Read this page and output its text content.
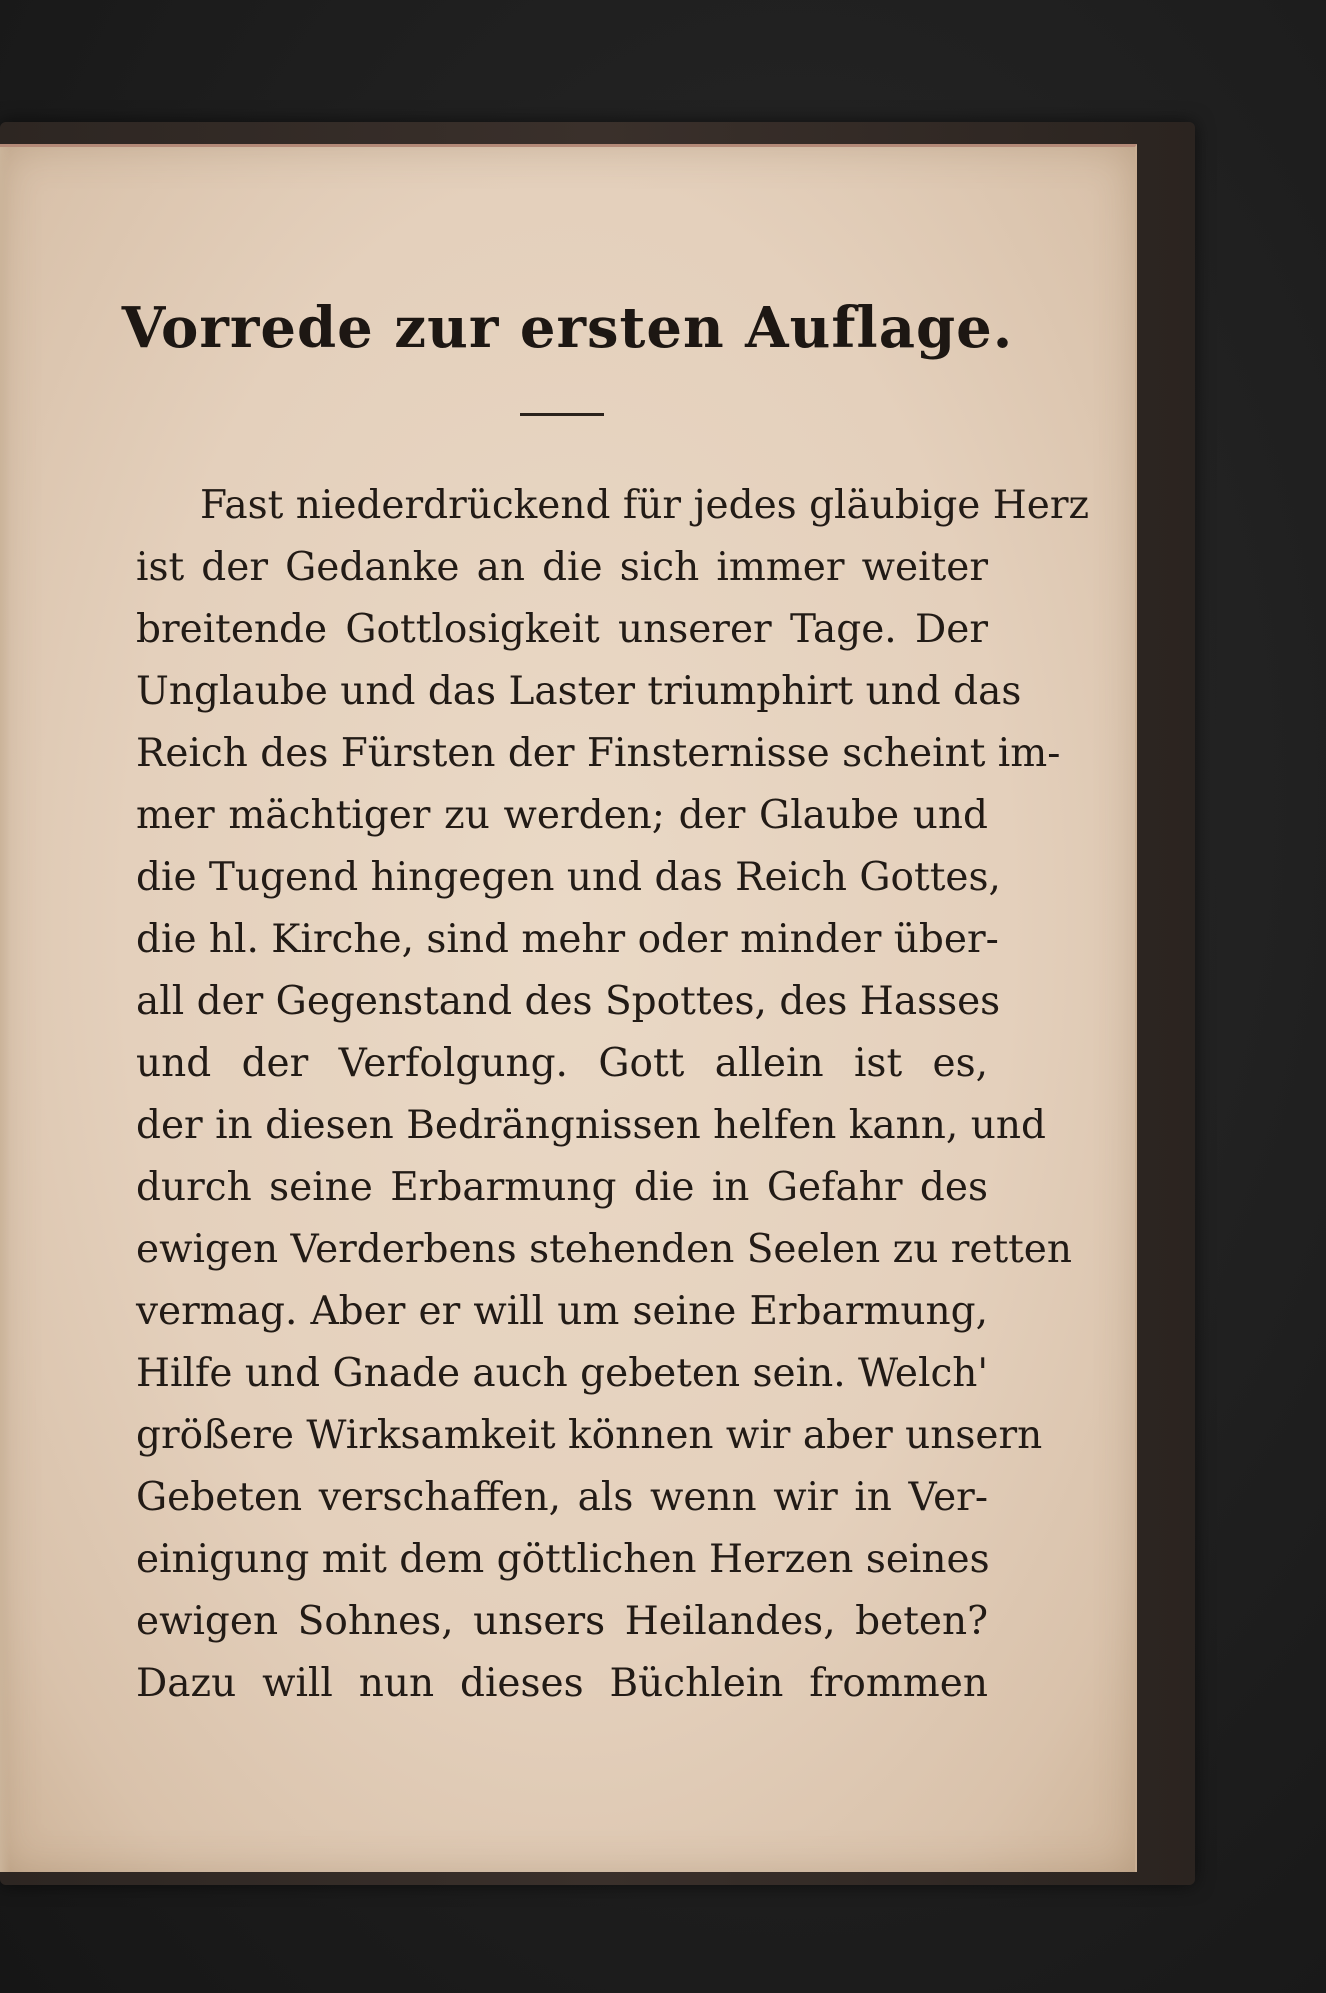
Vorrede zur ersten Auflage.
Fast niederdrückend für jedes gläubige Herz
ist der Gedanke an die sich immer weiter
breitende Gottlosigkeit unserer Tage. Der
Unglaube und das Laster triumphirt und das
Reich des Fürsten der Finsternisse scheint im-
mer mächtiger zu werden; der Glaube und
die Tugend hingegen und das Reich Gottes,
die hl. Kirche, sind mehr oder minder über-
all der Gegenstand des Spottes, des Hasses
und der Verfolgung. Gott allein ist es,
der in diesen Bedrängnissen helfen kann, und
durch seine Erbarmung die in Gefahr des
ewigen Verderbens stehenden Seelen zu retten
vermag. Aber er will um seine Erbarmung,
Hilfe und Gnade auch gebeten sein. Welch'
größere Wirksamkeit können wir aber unsern
Gebeten verschaffen, als wenn wir in Ver-
einigung mit dem göttlichen Herzen seines
ewigen Sohnes, unsers Heilandes, beten?
Dazu will nun dieses Büchlein frommen
